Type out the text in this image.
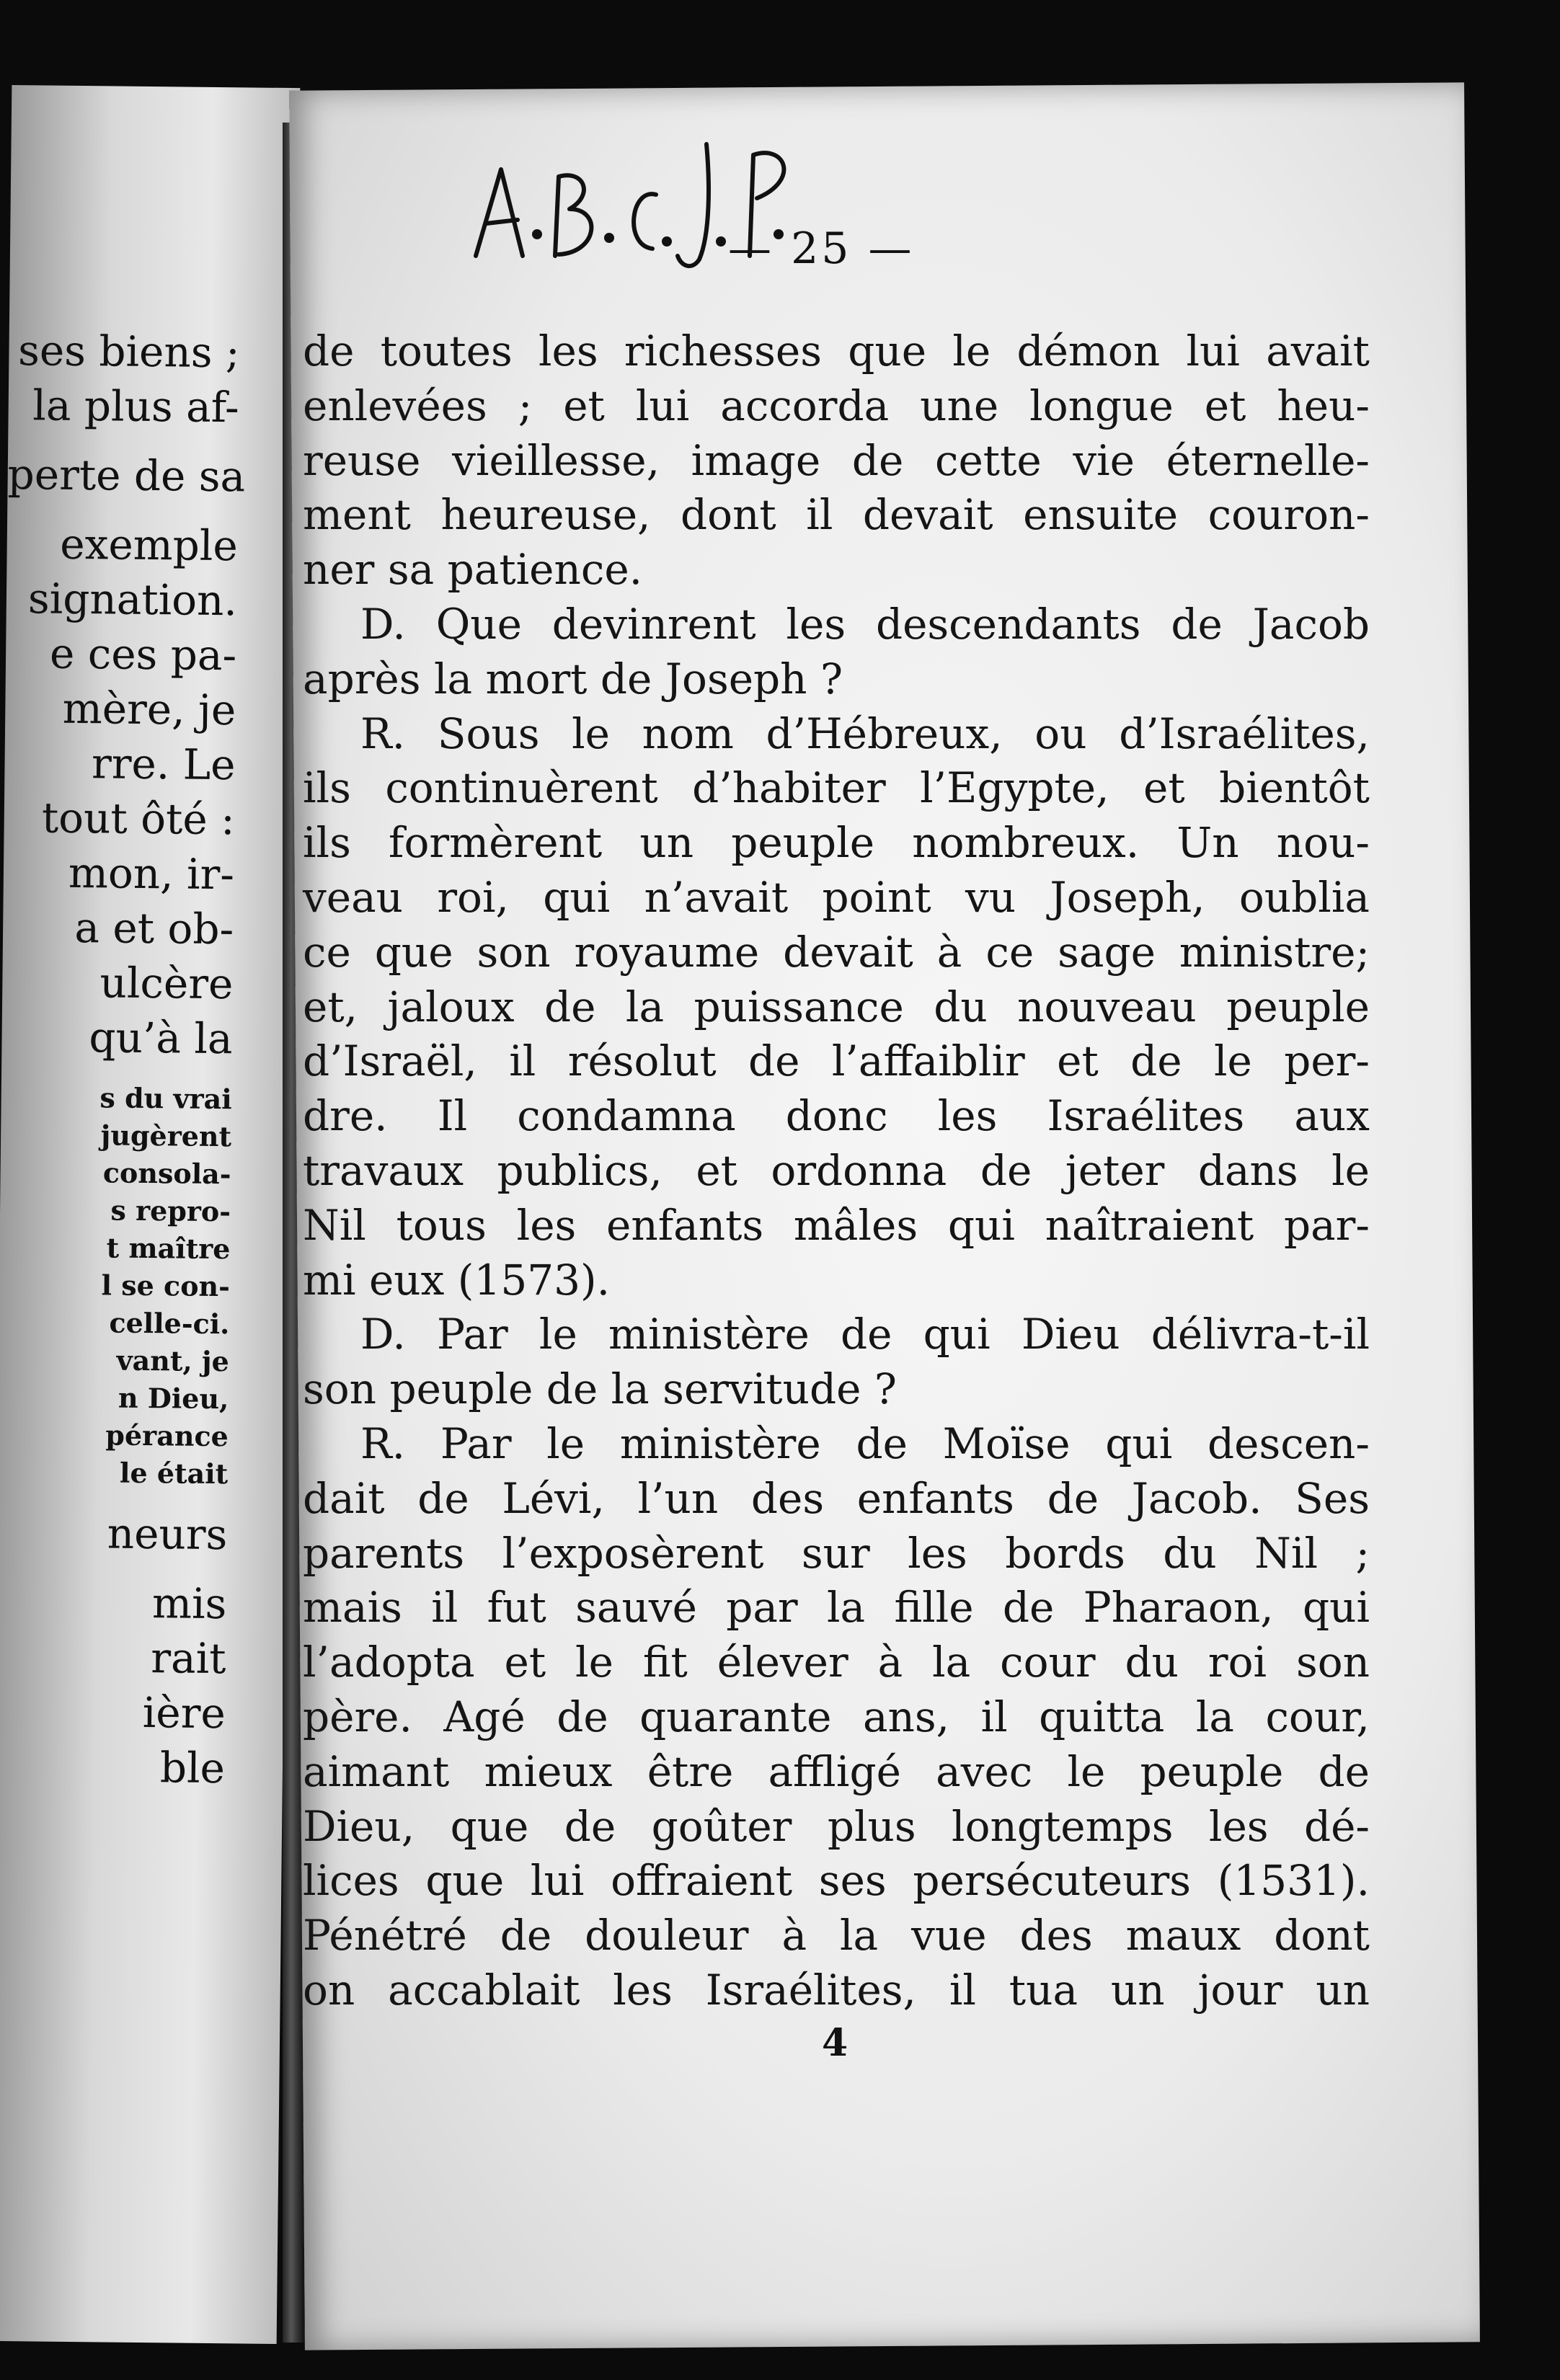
ses biens ;
la plus af-
perte de sa
exemple
signation.
e ces pa-
mère, je
rre. Le
tout ôté :
mon, ir-
a et ob-
ulcère
qu’à la
s du vrai
jugèrent
consola-
s repro-
t maître
l se con-
celle-ci.
vant, je
n Dieu,
pérance
le était
neurs
mis
rait
ière
ble
— 25 —
de toutes les richesses que le démon lui avait
enlevées ; et lui accorda une longue et heu-
reuse vieillesse, image de cette vie éternelle-
ment heureuse, dont il devait ensuite couron-
ner sa patience.
D. Que devinrent les descendants de Jacob
après la mort de Joseph ?
R. Sous le nom d’Hébreux, ou d’Israélites,
ils continuèrent d’habiter l’Egypte, et bientôt
ils formèrent un peuple nombreux. Un nou-
veau roi, qui n’avait point vu Joseph, oublia
ce que son royaume devait à ce sage ministre;
et, jaloux de la puissance du nouveau peuple
d’Israël, il résolut de l’affaiblir et de le per-
dre. Il condamna donc les Israélites aux
travaux publics, et ordonna de jeter dans le
Nil tous les enfants mâles qui naîtraient par-
mi eux (1573).
D. Par le ministère de qui Dieu délivra-t-il
son peuple de la servitude ?
R. Par le ministère de Moïse qui descen-
dait de Lévi, l’un des enfants de Jacob. Ses
parents l’exposèrent sur les bords du Nil ;
mais il fut sauvé par la fille de Pharaon, qui
l’adopta et le fit élever à la cour du roi son
père. Agé de quarante ans, il quitta la cour,
aimant mieux être affligé avec le peuple de
Dieu, que de goûter plus longtemps les dé-
lices que lui offraient ses persécuteurs (1531).
Pénétré de douleur à la vue des maux dont
on accablait les Israélites, il tua un jour un
4
